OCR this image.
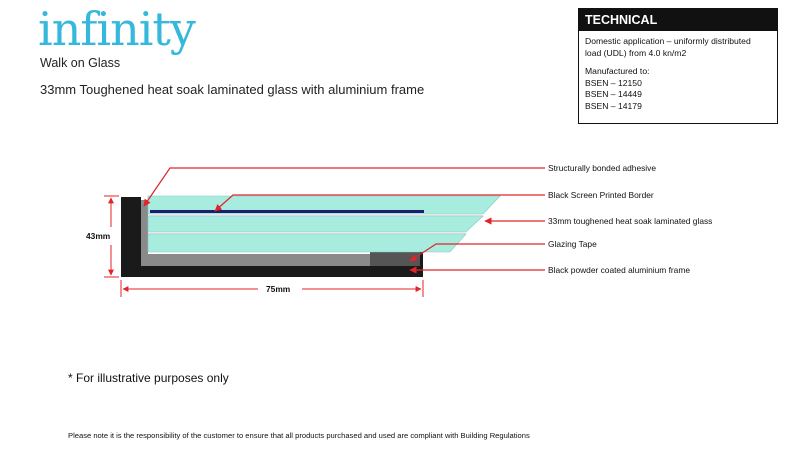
infinity
Walk on Glass
33mm Toughened heat soak laminated glass with aluminium frame
TECHNICAL

Domestic application – uniformly distributed
load (UDL) from 4.0 kn/m2

Manufactured to:
BSEN – 12150
BSEN – 14449
BSEN – 14179

Structurally bonded adhesive
Black Screen Printed Border
33mm toughened heat soak laminated glass
Glazing Tape
Black powder coated aluminium frame
43mm
75mm
* For illustrative purposes only
Please note it is the responsibility of the customer to ensure that all products purchased and used are compliant with Building Regulations
